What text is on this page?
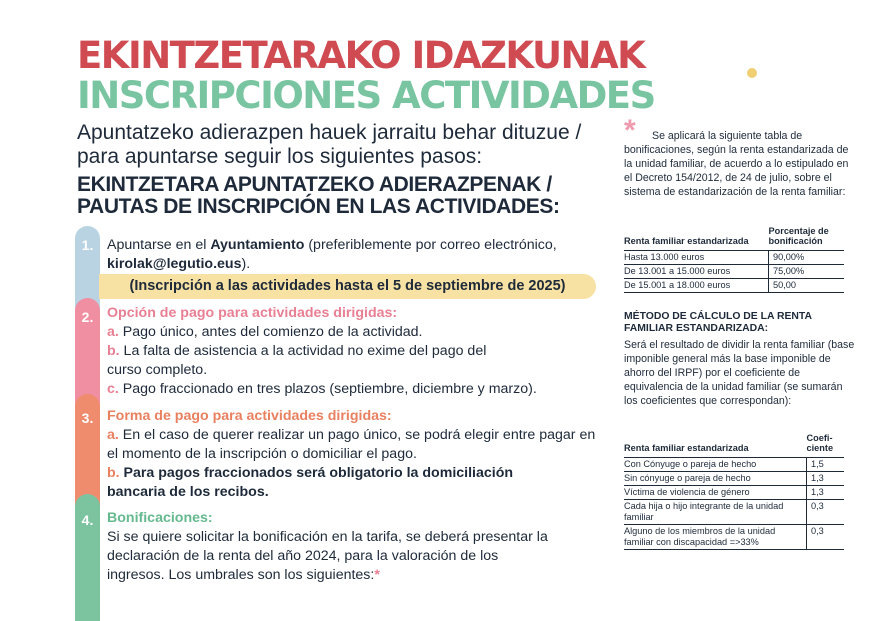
EKINTZETARAKO IDAZKUNAK
INSCRIPCIONES ACTIVIDADES

Apuntatzeko adierazpen hauek jarraitu behar dituzue / para apuntarse seguir los siguientes pasos:

EKINTZETARA APUNTATZEKO ADIERAZPENAK / PAUTAS DE INSCRIPCIÓN EN LAS ACTIVIDADES:

1.
2.
3.
4.

Apuntarse en el Ayuntamiento (preferiblemente por correo electrónico, kirolak@legutio.eus).

(Inscripción a las actividades hasta el 5 de septiembre de 2025)

Opción de pago para actividades dirigidas:

a. Pago único, antes del comienzo de la actividad.

b. La falta de asistencia a la actividad no exime del pago del curso completo.

c. Pago fraccionado en tres plazos (septiembre, diciembre y marzo).

Forma de pago para actividades dirigidas:

a. En el caso de querer realizar un pago único, se podrá elegir entre pagar en el momento de la inscripción o domiciliar el pago.

b. Para pagos fraccionados será obligatorio la domiciliación bancaria de los recibos.

Bonificaciones:

Si se quiere solicitar la bonificación en la tarifa, se deberá presentar la declaración de la renta del año 2024, para la valoración de los ingresos. Los umbrales son los siguientes:*

*	Se aplicará la siguiente tabla de bonificaciones, según la renta estandarizada de la unidad familiar, de acuerdo a lo estipulado en el Decreto 154/2012, de 24 de julio, sobre el sistema de estandarización de la renta familiar:

Renta familiar estandarizada	Porcentaje de bonificación
Hasta 13.000 euros	90,00%
De 13.001 a 15.000 euros	75,00%
De 15.001 a 18.000 euros	50,00

MÉTODO DE CÁLCULO DE LA RENTA FAMILIAR ESTANDARIZADA:

Será el resultado de dividir la renta familiar (base imponible general más la base imponible de ahorro del IRPF) por el coeficiente de equivalencia de la unidad familiar (se sumarán los coeficientes que correspondan):

Renta familiar estandarizada	Coefi-ciente
Con Cónyuge o pareja de hecho	1,5
Sin cónyuge o pareja de hecho	1,3
Víctima de violencia de género	1,3
Cada hija o hijo integrante de la unidad familiar	0,3
Alguno de los miembros de la unidad familiar con discapacidad =>33%	0,3
